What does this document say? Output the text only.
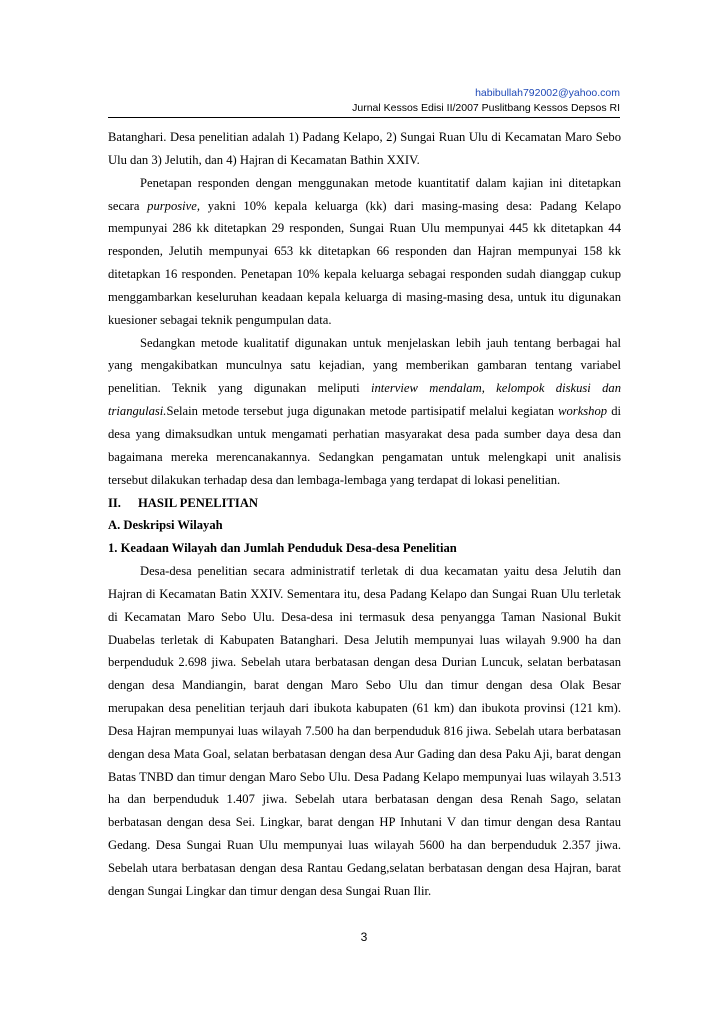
habibullah792002@yahoo.com
Jurnal Kessos Edisi II/2007 Puslitbang Kessos Depsos RI

Batanghari. Desa penelitian adalah 1) Padang Kelapo, 2) Sungai Ruan Ulu di Kecamatan Maro Sebo Ulu dan 3) Jelutih, dan 4) Hajran di Kecamatan Bathin XXIV.

Penetapan responden dengan menggunakan metode kuantitatif dalam kajian ini ditetapkan secara purposive, yakni 10% kepala keluarga (kk) dari masing-masing desa: Padang Kelapo mempunyai 286 kk ditetapkan 29 responden, Sungai Ruan Ulu mempunyai 445 kk ditetapkan 44 responden, Jelutih mempunyai 653 kk ditetapkan 66 responden dan Hajran mempunyai 158 kk ditetapkan 16 responden. Penetapan 10% kepala keluarga sebagai responden sudah dianggap cukup menggambarkan keseluruhan keadaan kepala keluarga di masing-masing desa, untuk itu digunakan kuesioner sebagai teknik pengumpulan data.

Sedangkan metode kualitatif digunakan untuk menjelaskan lebih jauh tentang berbagai hal yang mengakibatkan munculnya satu kejadian, yang memberikan gambaran tentang variabel penelitian. Teknik yang digunakan meliputi interview mendalam, kelompok diskusi dan triangulasi.Selain metode tersebut juga digunakan metode partisipatif melalui kegiatan workshop di desa yang dimaksudkan untuk mengamati perhatian masyarakat desa pada sumber daya desa dan bagaimana mereka merencanakannya. Sedangkan pengamatan untuk melengkapi unit analisis tersebut dilakukan terhadap desa dan lembaga-lembaga yang terdapat di lokasi penelitian.

II. HASIL PENELITIAN

A. Deskripsi Wilayah

1. Keadaan Wilayah dan Jumlah Penduduk Desa-desa Penelitian

Desa-desa penelitian secara administratif terletak di dua kecamatan yaitu desa Jelutih dan Hajran di Kecamatan Batin XXIV. Sementara itu, desa Padang Kelapo dan Sungai Ruan Ulu terletak di Kecamatan Maro Sebo Ulu. Desa-desa ini termasuk desa penyangga Taman Nasional Bukit Duabelas terletak di Kabupaten Batanghari. Desa Jelutih mempunyai luas wilayah 9.900 ha dan berpenduduk 2.698 jiwa. Sebelah utara berbatasan dengan desa Durian Luncuk, selatan berbatasan dengan desa Mandiangin, barat dengan Maro Sebo Ulu dan timur dengan desa Olak Besar merupakan desa penelitian terjauh dari ibukota kabupaten (61 km) dan ibukota provinsi (121 km). Desa Hajran mempunyai luas wilayah 7.500 ha dan berpenduduk 816 jiwa. Sebelah utara berbatasan dengan desa Mata Goal, selatan berbatasan dengan desa Aur Gading dan desa Paku Aji, barat dengan Batas TNBD dan timur dengan Maro Sebo Ulu. Desa Padang Kelapo mempunyai luas wilayah 3.513 ha dan berpenduduk 1.407 jiwa. Sebelah utara berbatasan dengan desa Renah Sago, selatan berbatasan dengan desa Sei. Lingkar, barat dengan HP Inhutani V dan timur dengan desa Rantau Gedang. Desa Sungai Ruan Ulu mempunyai luas wilayah 5600 ha dan berpenduduk 2.357 jiwa. Sebelah utara berbatasan dengan desa Rantau Gedang,selatan berbatasan dengan desa Hajran, barat dengan Sungai Lingkar dan timur dengan desa Sungai Ruan Ilir.

3
